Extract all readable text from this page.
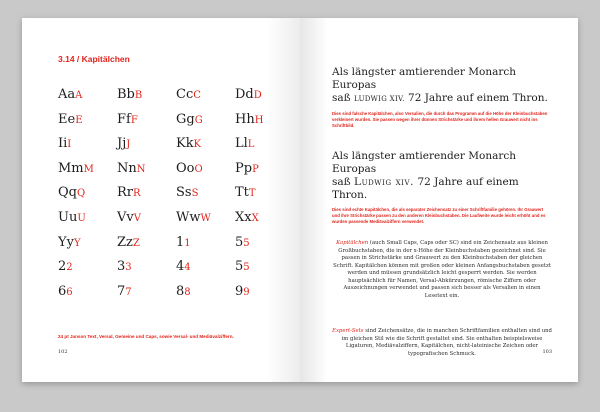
3.14 / Kapitälchen
AaA	BbB	CcC	DdD
EeE	FfF	GgG	HhH
IiI	JjJ	KkK	LlL
MmM	NnN	OoO	PpP
QqQ	RrR	SsS	TtT
UuU	VvV	WwW	XxX
YyY	ZzZ	11	55
22	33	44	55
66	77	88	99

24 pt Janson Text, Versal, Gemeine und Caps, sowie Versal- und Mediävalziffern.

102

Als längster amtierender Monarch Europas

saß LUDWIG XIV. 72 Jahre auf einem Thron.

Dies sind falsche Kapitälchen, also Versalien, die durch das Programm auf die Höhe der Kleinbuchstaben verkleinert wurden. Sie passen wegen ihrer dünnen Strichstärke und ihrem hellen Grauwert nicht ins Schriftbild.

Als längster amtierender Monarch Europas

saß Ludwig xiv. 72 Jahre auf einem Thron.

Dies sind echte Kapitälchen, die als separater Zeichensatz zu einer Schriftfamilie gehören. Ihr Grauwert und ihre Strichstärke passen zu den anderen Kleinbuchstaben. Die Laufweite wurde leicht erhöht und es wurden passende Mediävalziffern verwendet.

Kapitälchen (auch Small Caps, Caps oder SC) sind ein Zeichensatz aus kleinen Großbuchstaben, die in der x-Höhe der Kleinbuchstaben gezeichnet sind. Sie passen in Strichstärke und Grauwert zu den Kleinbuchstaben der gleichen Schrift. Kapitälchen können mit großen oder kleinen Anfangsbuchstaben gesetzt werden und müssen grundsätzlich leicht gesperrt werden. Sie werden hauptsächlich für Namen, Versal-Abkürzungen, römische Ziffern oder Auszeichnungen verwendet und passen sich besser als Versalien in einen Lesetext ein.

Expert-Sets sind Zeichensätze, die in manchen Schriftfamilien enthalten sind und im gleichen Stil wie die Schrift gestaltet sind. Sie enthalten beispielsweise Ligaturen, Mediävalziffern, Kapitälchen, nicht-lateinische Zeichen oder typografischen Schmuck.	103
